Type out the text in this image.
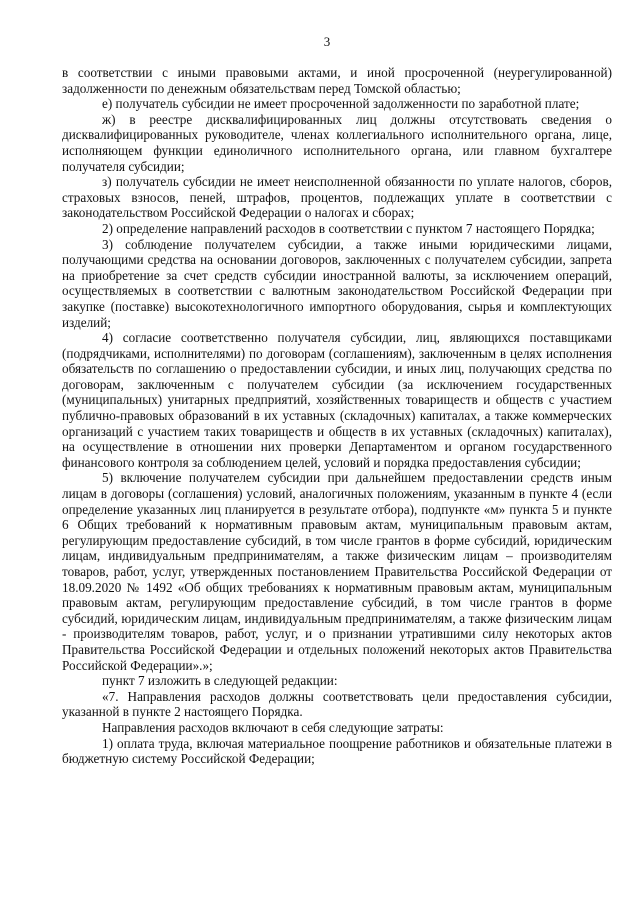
3

в соответствии с иными правовыми актами, и иной просроченной (неурегулированной) задолженности по денежным обязательствам перед Томской областью;

е) получатель субсидии не имеет просроченной задолженности по заработной плате;

ж) в реестре дисквалифицированных лиц должны отсутствовать сведения о дисквалифицированных руководителе, членах коллегиального исполнительного органа, лице, исполняющем функции единоличного исполнительного органа, или главном бухгалтере получателя субсидии;

з) получатель субсидии не имеет неисполненной обязанности по уплате налогов, сборов, страховых взносов, пеней, штрафов, процентов, подлежащих уплате в соответствии с законодательством Российской Федерации о налогах и сборах;

2) определение направлений расходов в соответствии с пунктом 7 настоящего Порядка;

3) соблюдение получателем субсидии, а также иными юридическими лицами, получающими средства на основании договоров, заключенных с получателем субсидии, запрета на приобретение за счет средств субсидии иностранной валюты, за исключением операций, осуществляемых в соответствии с валютным законодательством Российской Федерации при закупке (поставке) высокотехнологичного импортного оборудования, сырья и комплектующих изделий;

4) согласие соответственно получателя субсидии, лиц, являющихся поставщиками (подрядчиками, исполнителями) по договорам (соглашениям), заключенным в целях исполнения обязательств по соглашению о предоставлении субсидии, и иных лиц, получающих средства по договорам, заключенным с получателем субсидии (за исключением государственных (муниципальных) унитарных предприятий, хозяйственных товариществ и обществ с участием публично-правовых образований в их уставных (складочных) капиталах, а также коммерческих организаций с участием таких товариществ и обществ в их уставных (складочных) капиталах), на осуществление в отношении них проверки Департаментом и органом государственного финансового контроля за соблюдением целей, условий и порядка предоставления субсидии;

5) включение получателем субсидии при дальнейшем предоставлении средств иным лицам в договоры (соглашения) условий, аналогичных положениям, указанным в пункте 4 (если определение указанных лиц планируется в результате отбора), подпункте «м» пункта 5 и пункте 6 Общих требований к нормативным правовым актам, муниципальным правовым актам, регулирующим предоставление субсидий, в том числе грантов в форме субсидий, юридическим лицам, индивидуальным предпринимателям, а также физическим лицам – производителям товаров, работ, услуг, утвержденных постановлением Правительства Российской Федерации от 18.09.2020 № 1492 «Об общих требованиях к нормативным правовым актам, муниципальным правовым актам, регулирующим предоставление субсидий, в том числе грантов в форме субсидий, юридическим лицам, индивидуальным предпринимателям, а также физическим лицам - производителям товаров, работ, услуг, и о признании утратившими силу некоторых актов Правительства Российской Федерации и отдельных положений некоторых актов Правительства Российской Федерации».»;

пункт 7 изложить в следующей редакции:

«7. Направления расходов должны соответствовать цели предоставления субсидии, указанной в пункте 2 настоящего Порядка.

Направления расходов включают в себя следующие затраты:

1) оплата труда, включая материальное поощрение работников и обязательные платежи в бюджетную систему Российской Федерации;
